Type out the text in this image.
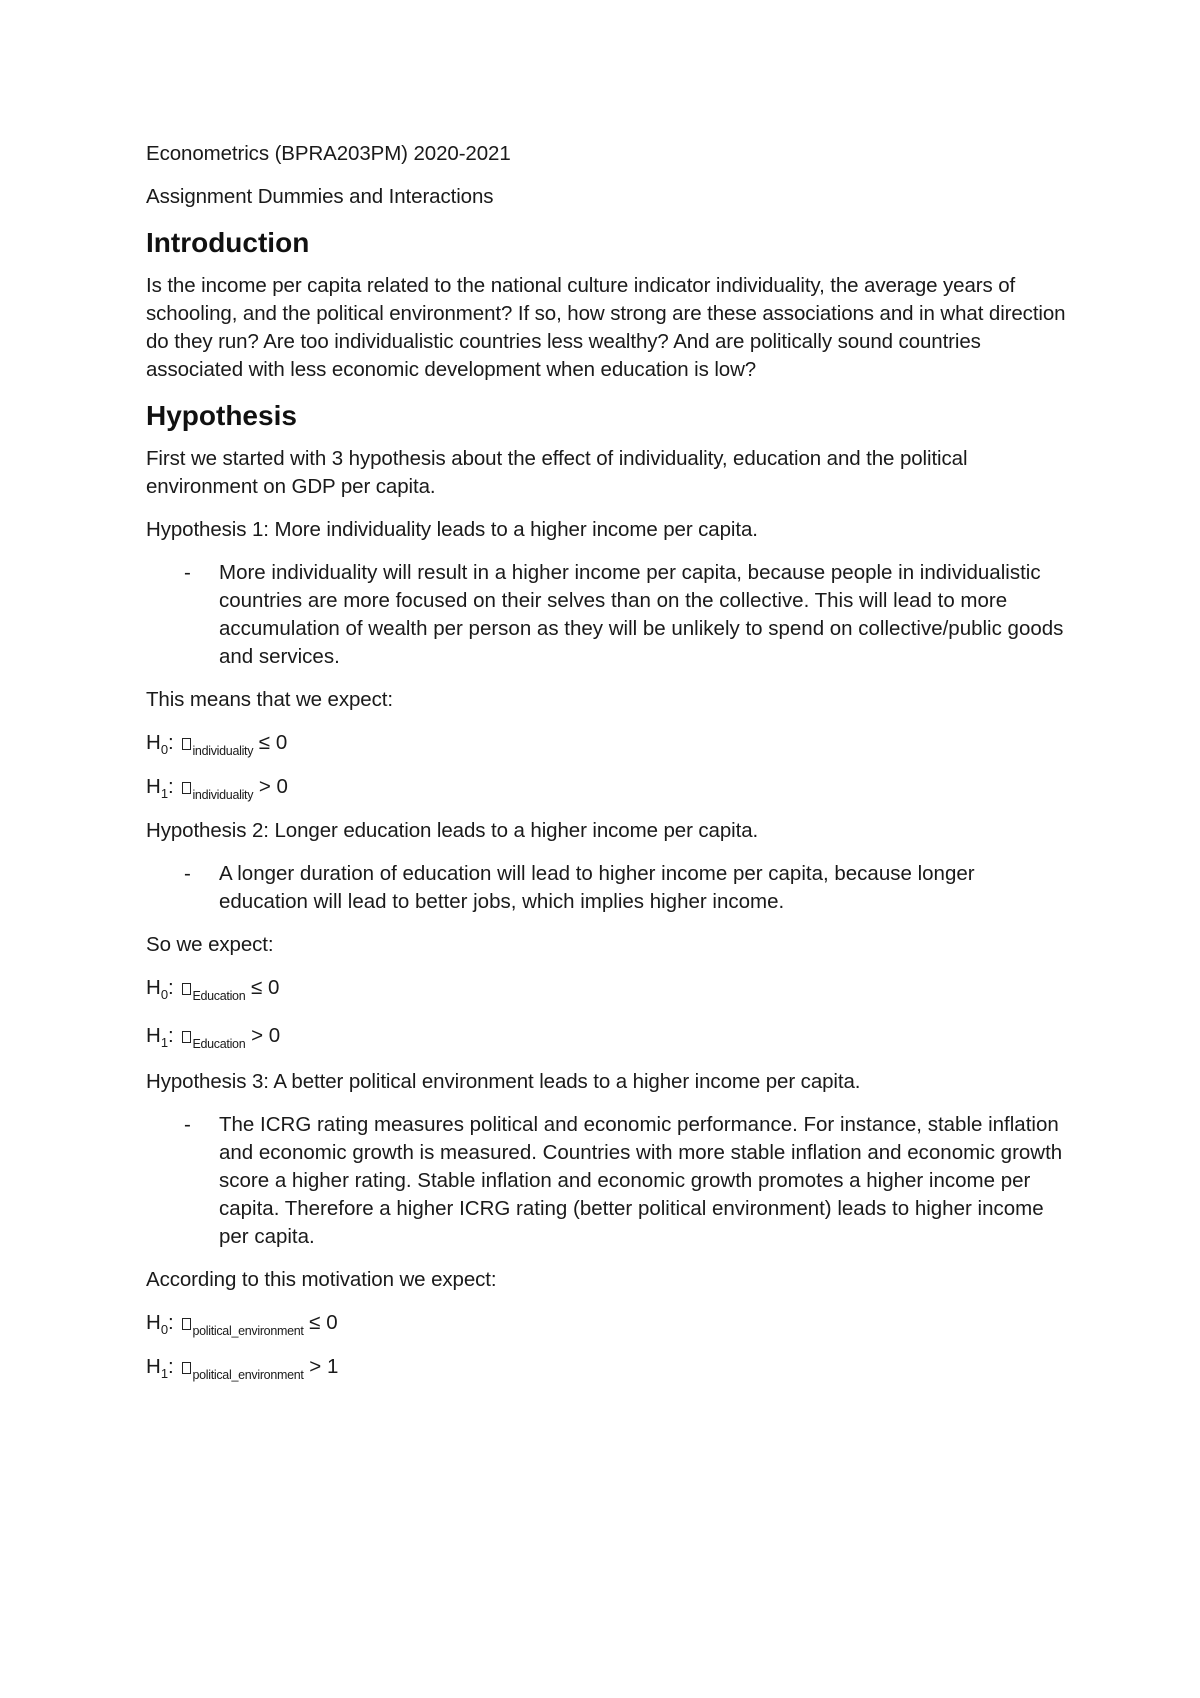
Econometrics (BPRA203PM) 2020-2021

Assignment Dummies and Interactions

Introduction

Is the income per capita related to the national culture indicator individuality, the average years of schooling, and the political environment? If so, how strong are these associations and in what direction do they run? Are too individualistic countries less wealthy? And are politically sound countries associated with less economic development when education is low?

Hypothesis

First we started with 3 hypothesis about the effect of individuality, education and the political environment on GDP per capita.

Hypothesis 1: More individuality leads to a higher income per capita.

- More individuality will result in a higher income per capita, because people in individualistic countries are more focused on their selves than on the collective. This will lead to more accumulation of wealth per person as they will be unlikely to spend on collective/public goods and services.

This means that we expect:

$H_0$: $_{individuality}$ ≤ 0
$H_1$: $_{individuality}$ > 0

Hypothesis 2: Longer education leads to a higher income per capita.

- A longer duration of education will lead to higher income per capita, because longer education will lead to better jobs, which implies higher income.

So we expect:

$H_0$: $_{Education}$ ≤ 0
$H_1$: $_{Education}$ > 0

Hypothesis 3: A better political environment leads to a higher income per capita.

- The ICRG rating measures political and economic performance. For instance, stable inflation and economic growth is measured. Countries with more stable inflation and economic growth score a higher rating. Stable inflation and economic growth promotes a higher income per capita. Therefore a higher ICRG rating (better political environment) leads to higher income per capita.

According to this motivation we expect:

$H_0$: $_{political\_environment}$ ≤ 0
$H_1$: $_{political\_environment}$ > 1
